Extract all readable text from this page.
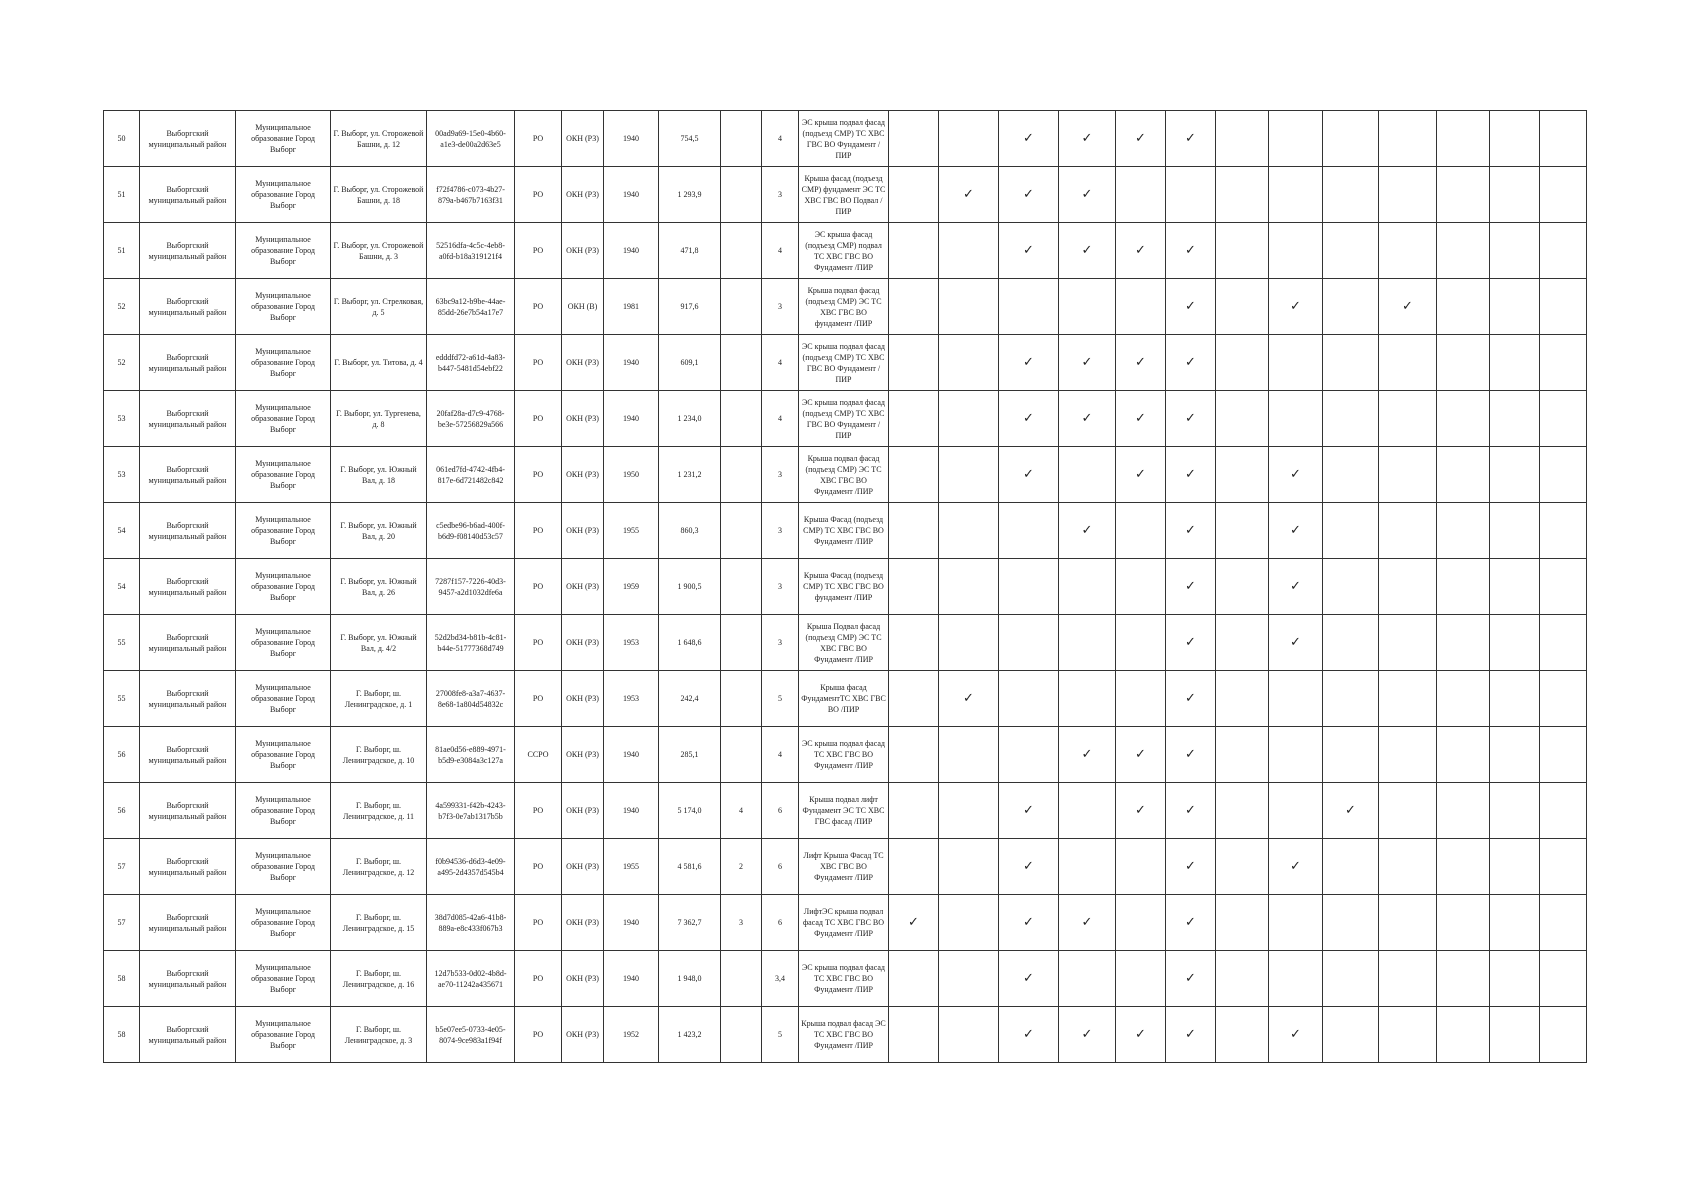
50	Выборгский муниципальный район	Муниципальное образование Город Выборг	Г. Выборг, ул. Сторожевой Башни, д. 12	00ad9a69-15e0-4b60-a1e3-de00a2d63e5	РО	ОКН (РЗ)	1940	754,5		4	ЭС крыша подвал фасад (подъезд СМР) ТС ХВС ГВС ВО Фундамент /ПИР			✓	✓	✓	✓							
51	Выборгский муниципальный район	Муниципальное образование Город Выборг	Г. Выборг, ул. Сторожевой Башни, д. 18	f72f4786-c073-4b27-879a-b467b7163f31	РО	ОКН (РЗ)	1940	1 293,9		3	Крыша фасад (подъезд СМР) фундамент ЭС ТС ХВС ГВС ВО Подвал /ПИР		✓	✓	✓									
51	Выборгский муниципальный район	Муниципальное образование Город Выборг	Г. Выборг, ул. Сторожевой Башни, д. 3	52516dfa-4c5c-4eb8-a0fd-b18a319121f4	РО	ОКН (РЗ)	1940	471,8		4	ЭС крыша фасад (подъезд СМР) подвал ТС ХВС ГВС ВО Фундамент /ПИР			✓	✓	✓	✓							
52	Выборгский муниципальный район	Муниципальное образование Город Выборг	Г. Выборг, ул. Стрелковая, д. 5	63bc9a12-b9be-44ae-85dd-26e7b54a17e7	РО	ОКН (В)	1981	917,6		3	Крыша подвал фасад (подъезд СМР) ЭС ТС ХВС ГВС ВО фундамент /ПИР						✓		✓		✓			
52	Выборгский муниципальный район	Муниципальное образование Город Выборг	Г. Выборг, ул. Титова, д. 4	edddfd72-a61d-4a83-b447-5481d54ebf22	РО	ОКН (РЗ)	1940	609,1		4	ЭС крыша подвал фасад (подъезд СМР) ТС ХВС ГВС ВО Фундамент /ПИР			✓	✓	✓	✓							
53	Выборгский муниципальный район	Муниципальное образование Город Выборг	Г. Выборг, ул. Тургенева, д. 8	20faf28a-d7c9-4768-be3e-57256829a566	РО	ОКН (РЗ)	1940	1 234,0		4	ЭС крыша подвал фасад (подъезд СМР) ТС ХВС ГВС ВО Фундамент /ПИР			✓	✓	✓	✓							
53	Выборгский муниципальный район	Муниципальное образование Город Выборг	Г. Выборг, ул. Южный Вал, д. 18	061ed7fd-4742-4fb4-817e-6d721482c842	РО	ОКН (РЗ)	1950	1 231,2		3	Крыша подвал фасад (подъезд СМР) ЭС ТС ХВС ГВС ВО Фундамент /ПИР			✓		✓	✓		✓					
54	Выборгский муниципальный район	Муниципальное образование Город Выборг	Г. Выборг, ул. Южный Вал, д. 20	c5edbe96-b6ad-400f-b6d9-f08140d53c57	РО	ОКН (РЗ)	1955	860,3		3	Крыша Фасад (подъезд СМР) ТС ХВС ГВС ВО Фундамент /ПИР				✓		✓		✓					
54	Выборгский муниципальный район	Муниципальное образование Город Выборг	Г. Выборг, ул. Южный Вал, д. 26	7287f157-7226-40d3-9457-a2d1032dfe6a	РО	ОКН (РЗ)	1959	1 900,5		3	Крыша Фасад (подъезд СМР) ТС ХВС ГВС ВО фундамент /ПИР						✓		✓					
55	Выборгский муниципальный район	Муниципальное образование Город Выборг	Г. Выборг, ул. Южный Вал, д. 4/2	52d2bd34-b81b-4c81-b44e-51777368d749	РО	ОКН (РЗ)	1953	1 648,6		3	Крыша Подвал фасад (подъезд СМР) ЭС ТС ХВС ГВС ВО Фундамент /ПИР						✓		✓					
55	Выборгский муниципальный район	Муниципальное образование Город Выборг	Г. Выборг, ш. Ленинградское, д. 1	27008fe8-a3a7-4637-8e68-1a804d54832c	РО	ОКН (РЗ)	1953	242,4		5	Крыша фасад ФундаментТС ХВС ГВС ВО /ПИР		✓				✓							
56	Выборгский муниципальный район	Муниципальное образование Город Выборг	Г. Выборг, ш. Ленинградское, д. 10	81ae0d56-e889-4971-b5d9-e3084a3c127a	ССРО	ОКН (РЗ)	1940	285,1		4	ЭС крыша подвал фасад ТС ХВС ГВС ВО Фундамент /ПИР				✓	✓	✓							
56	Выборгский муниципальный район	Муниципальное образование Город Выборг	Г. Выборг, ш. Ленинградское, д. 11	4a599331-f42b-4243-b7f3-0e7ab1317b5b	РО	ОКН (РЗ)	1940	5 174,0	4	6	Крыша подвал лифт Фундамент ЭС ТС ХВС ГВС фасад /ПИР			✓		✓	✓			✓				
57	Выборгский муниципальный район	Муниципальное образование Город Выборг	Г. Выборг, ш. Ленинградское, д. 12	f0b94536-d6d3-4e09-a495-2d4357d545b4	РО	ОКН (РЗ)	1955	4 581,6	2	6	Лифт Крыша Фасад ТС ХВС ГВС ВО Фундамент /ПИР			✓			✓		✓					
57	Выборгский муниципальный район	Муниципальное образование Город Выборг	Г. Выборг, ш. Ленинградское, д. 15	38d7d085-42a6-41b8-889a-e8c433f067b3	РО	ОКН (РЗ)	1940	7 362,7	3	6	ЛифтЭС крыша подвал фасад ТС ХВС ГВС ВО Фундамент /ПИР	✓		✓	✓		✓							
58	Выборгский муниципальный район	Муниципальное образование Город Выборг	Г. Выборг, ш. Ленинградское, д. 16	12d7b533-0d02-4b8d-ae70-11242a435671	РО	ОКН (РЗ)	1940	1 948,0		3,4	ЭС крыша подвал фасад ТС ХВС ГВС ВО Фундамент /ПИР			✓			✓							
58	Выборгский муниципальный район	Муниципальное образование Город Выборг	Г. Выборг, ш. Ленинградское, д. 3	b5e07ee5-0733-4e05-8074-9ce983a1f94f	РО	ОКН (РЗ)	1952	1 423,2		5	Крыша подвал фасад ЭС ТС ХВС ГВС ВО Фундамент /ПИР			✓	✓	✓	✓		✓					
